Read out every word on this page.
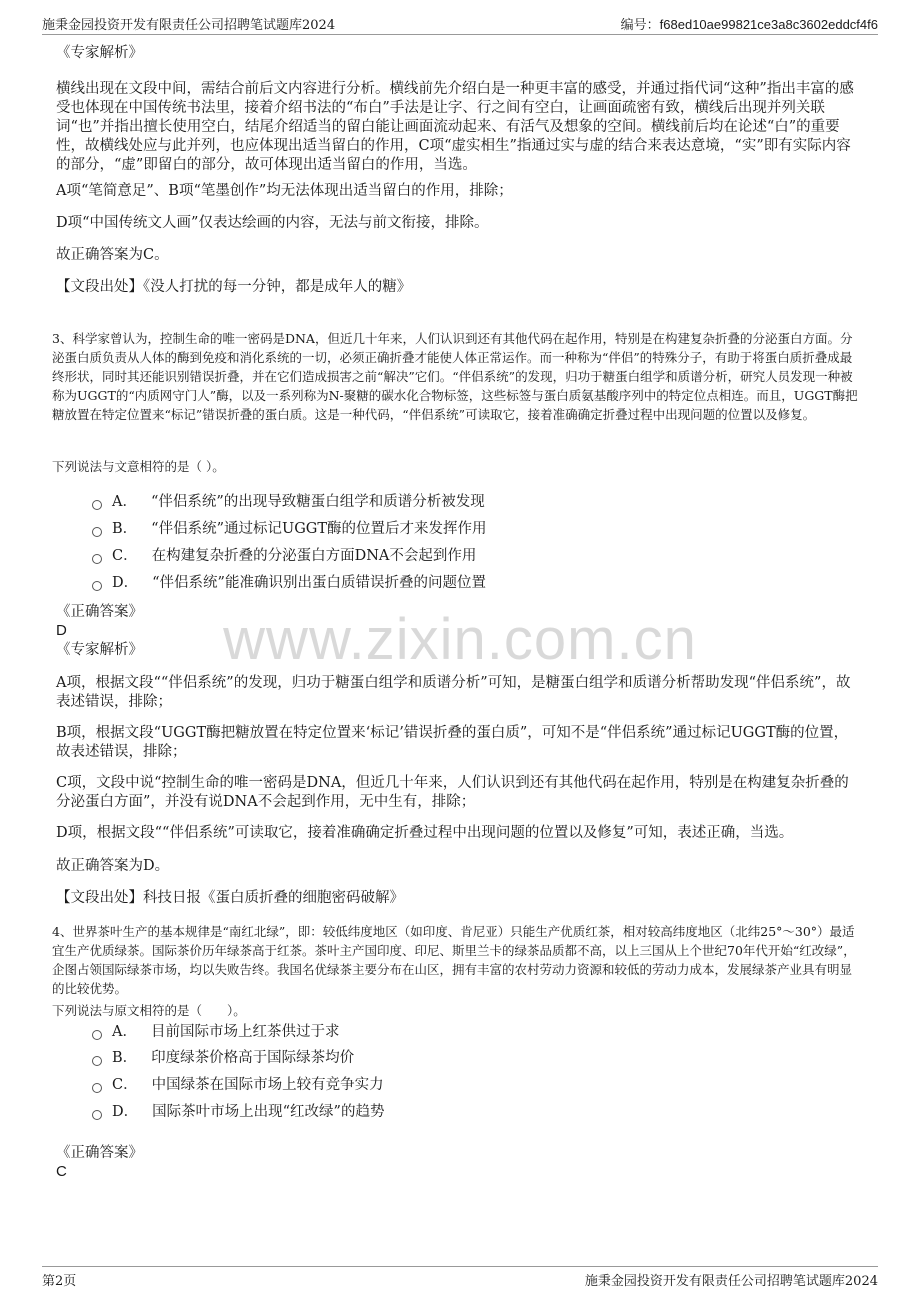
施秉金园投资开发有限责任公司招聘笔试题库2024	编号：f68ed10ae99821ce3a8c3602eddcf4f6
www.zixin.com.cn
《专家解析》
横线出现在文段中间，需结合前后文内容进行分析。横线前先介绍白是一种更丰富的感受，并通过指代词“这种”指出丰富的感受也体现在中国传统书法里，接着介绍书法的“布白”手法是让字、行之间有空白，让画面疏密有致，横线后出现并列关联词“也”并指出擅长使用空白，结尾介绍适当的留白能让画面流动起来、有活气及想象的空间。横线前后均在论述“白”的重要性，故横线处应与此并列，也应体现出适当留白的作用，C项“虚实相生”指通过实与虚的结合来表达意境，“实”即有实际内容的部分，“虚”即留白的部分，故可体现出适当留白的作用，当选。
A项“笔简意足”、B项“笔墨创作”均无法体现出适当留白的作用，排除；
D项“中国传统文人画”仅表达绘画的内容，无法与前文衔接，排除。
故正确答案为C。
【文段出处】《没人打扰的每一分钟，都是成年人的糖》
3、科学家曾认为，控制生命的唯一密码是DNA，但近几十年来，人们认识到还有其他代码在起作用，特别是在构建复杂折叠的分泌蛋白方面。分泌蛋白质负责从人体的酶到免疫和消化系统的一切，必须正确折叠才能使人体正常运作。而一种称为“伴侣”的特殊分子，有助于将蛋白质折叠成最终形状，同时其还能识别错误折叠，并在它们造成损害之前“解决”它们。“伴侣系统”的发现，归功于糖蛋白组学和质谱分析，研究人员发现一种被称为UGGT的“内质网守门人”酶，以及一系列称为N-聚糖的碳水化合物标签，这些标签与蛋白质氨基酸序列中的特定位点相连。而且，UGGT酶把糖放置在特定位置来“标记”错误折叠的蛋白质。这是一种代码，“伴侣系统”可读取它，接着准确确定折叠过程中出现问题的位置以及修复。
下列说法与文意相符的是（ ）。
A． “伴侣系统”的出现导致糖蛋白组学和质谱分析被发现
B． “伴侣系统”通过标记UGGT酶的位置后才来发挥作用
C． 在构建复杂折叠的分泌蛋白方面DNA不会起到作用
D． “伴侣系统”能准确识别出蛋白质错误折叠的问题位置
《正确答案》
D
《专家解析》
A项，根据文段““伴侣系统”的发现，归功于糖蛋白组学和质谱分析”可知，是糖蛋白组学和质谱分析帮助发现“伴侣系统”，故表述错误，排除；
B项，根据文段“UGGT酶把糖放置在特定位置来‘标记’错误折叠的蛋白质”，可知不是“伴侣系统”通过标记UGGT酶的位置，故表述错误，排除；
C项，文段中说“控制生命的唯一密码是DNA，但近几十年来，人们认识到还有其他代码在起作用，特别是在构建复杂折叠的分泌蛋白方面”，并没有说DNA不会起到作用，无中生有，排除；
D项，根据文段““伴侣系统”可读取它，接着准确确定折叠过程中出现问题的位置以及修复”可知，表述正确，当选。
故正确答案为D。
【文段出处】科技日报《蛋白质折叠的细胞密码破解》
4、世界茶叶生产的基本规律是“南红北绿”，即：较低纬度地区（如印度、肯尼亚）只能生产优质红茶，相对较高纬度地区（北纬25°～30°）最适宜生产优质绿茶。国际茶价历年绿茶高于红茶。茶叶主产国印度、印尼、斯里兰卡的绿茶品质都不高，以上三国从上个世纪70年代开始“红改绿”，企图占领国际绿茶市场，均以失败告终。我国名优绿茶主要分布在山区，拥有丰富的农村劳动力资源和较低的劳动力成本，发展绿茶产业具有明显的比较优势。
下列说法与原文相符的是（　　）。
A． 目前国际市场上红茶供过于求
B． 印度绿茶价格高于国际绿茶均价
C． 中国绿茶在国际市场上较有竞争实力
D． 国际茶叶市场上出现“红改绿”的趋势
《正确答案》
C
第2页	施秉金园投资开发有限责任公司招聘笔试题库2024
